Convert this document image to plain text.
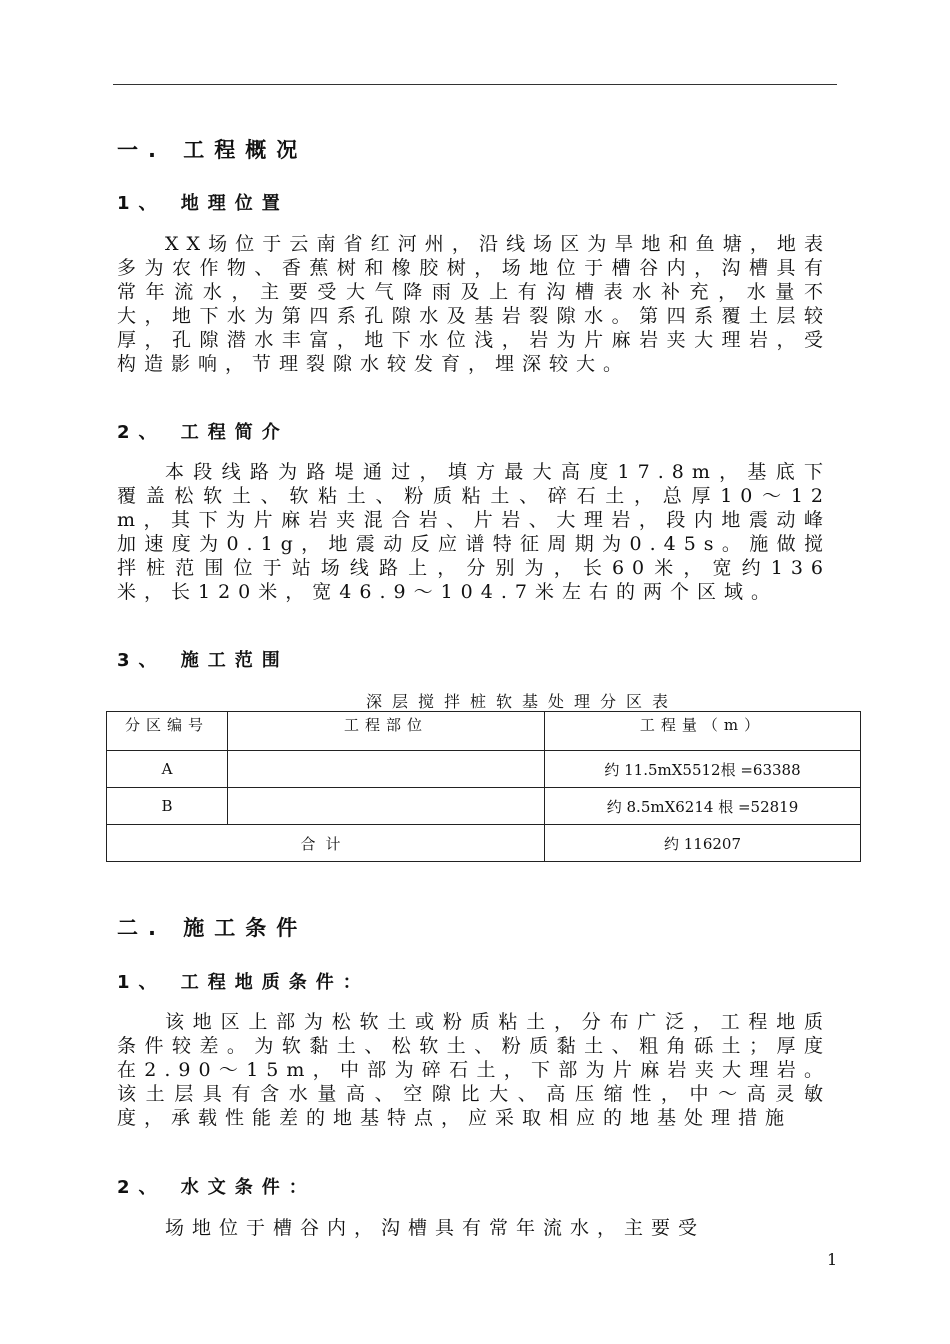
一. 工程概况
1、 地理位置

XX场位于云南省红河州，沿线场区为旱地和鱼塘，地表多为农作物、香蕉树和橡胶树，场地位于槽谷内，沟槽具有常年流水，主要受大气降雨及上有沟槽表水补充，水量不大，地下水为第四系孔隙水及基岩裂隙水。第四系覆土层较厚，孔隙潜水丰富，地下水位浅，岩为片麻岩夹大理岩，受构造影响，节理裂隙水较发育，埋深较大。

2、 工程简介

本段线路为路堤通过，填方最大高度17.8m，基底下覆盖松软土、软粘土、粉质粘土、碎石土，总厚10～12m，其下为片麻岩夹混合岩、片岩、大理岩，段内地震动峰加速度为0.1g，地震动反应谱特征周期为0.45s。施做搅拌桩范围位于站场线路上，分别为，长60米，宽约136米，长120米，宽46.9～104.7米左右的两个区域。

3、 施工范围
深层搅拌桩软基处理分区表
分区编号	工程部位	工程量（m）
A		约 11.5mX5512根 =63388
B		约 8.5mX6214 根 =52819
合计		约 116207
二. 施工条件
1、 工程地质条件：

该地区上部为松软土或粉质粘土，分布广泛，工程地质条件较差。为软黏土、松软土、粉质黏土、粗角砾土；厚度在2.90～15m，中部为碎石土，下部为片麻岩夹大理岩。该土层具有含水量高、空隙比大、高压缩性，中～高灵敏度，承载性能差的地基特点，应采取相应的地基处理措施

2、 水文条件：

场地位于槽谷内，沟槽具有常年流水，主要受

1
